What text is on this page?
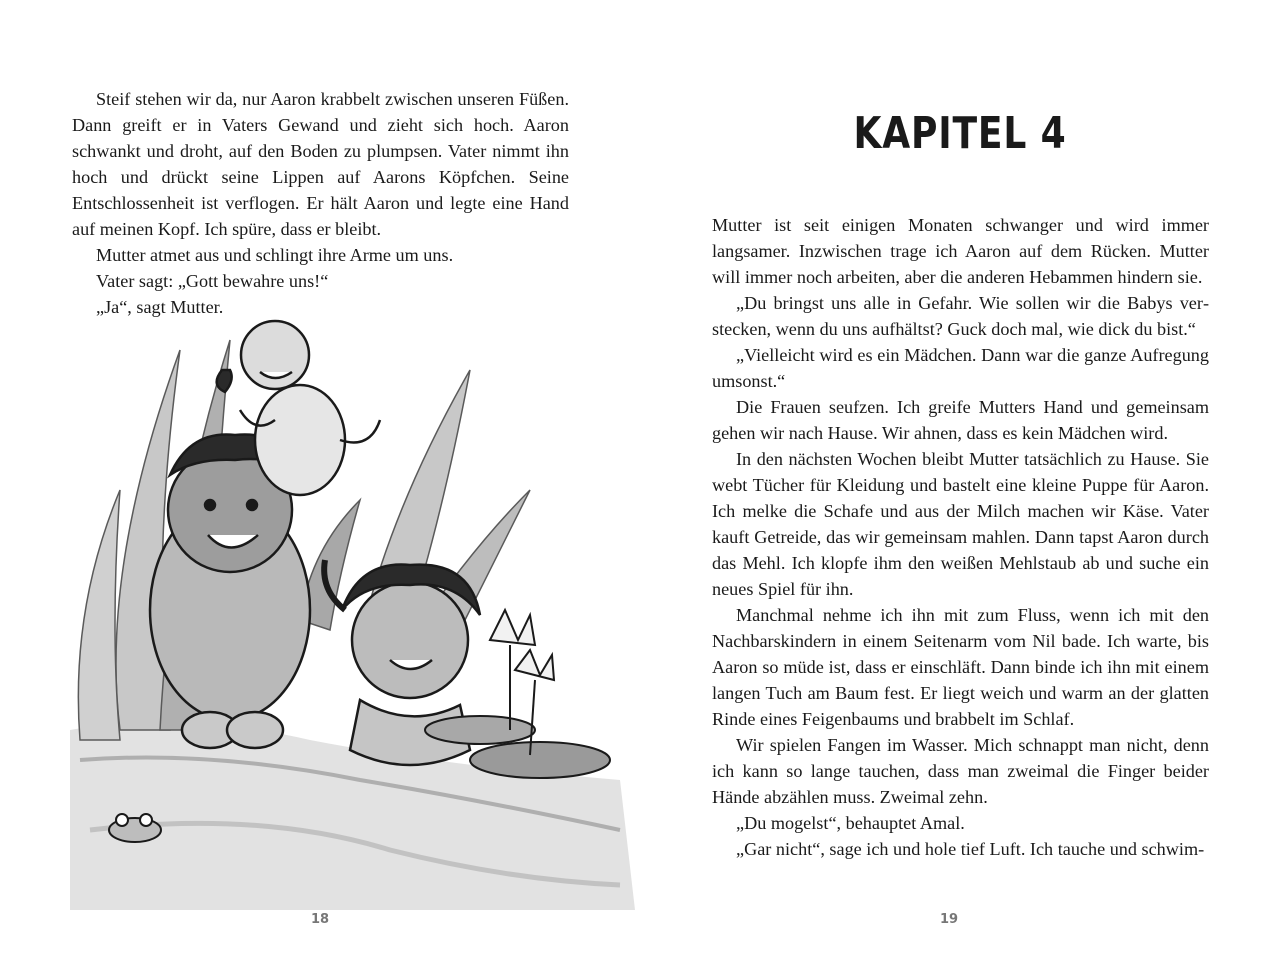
Steif stehen wir da, nur Aaron krabbelt zwischen unseren Füßen. Dann greift er in Vaters Gewand und zieht sich hoch. Aaron schwankt und droht, auf den Boden zu plumpsen. Vater nimmt ihn hoch und drückt seine Lippen auf Aarons Köpfchen. Seine Entschlossenheit ist verflogen. Er hält Aaron und legte eine Hand auf meinen Kopf. Ich spüre, dass er bleibt.

Mutter atmet aus und schlingt ihre Arme um uns.

Vater sagt: „Gott bewahre uns!“

„Ja“, sagt Mutter.

18
KAPITEL 4

Mutter ist seit einigen Monaten schwanger und wird immer langsamer. Inzwischen trage ich Aaron auf dem Rücken. Mutter will immer noch arbeiten, aber die anderen Hebammen hindern sie.

„Du bringst uns alle in Gefahr. Wie sollen wir die Babys verstecken, wenn du uns aufhältst? Guck doch mal, wie dick du bist.“

„Vielleicht wird es ein Mädchen. Dann war die ganze Aufregung umsonst.“

Die Frauen seufzen. Ich greife Mutters Hand und gemeinsam gehen wir nach Hause. Wir ahnen, dass es kein Mädchen wird.

In den nächsten Wochen bleibt Mutter tatsächlich zu Hause. Sie webt Tücher für Kleidung und bastelt eine kleine Puppe für Aaron. Ich melke die Schafe und aus der Milch machen wir Käse. Vater kauft Getreide, das wir gemeinsam mahlen. Dann tapst Aaron durch das Mehl. Ich klopfe ihm den weißen Mehlstaub ab und suche ein neues Spiel für ihn.

Manchmal nehme ich ihn mit zum Fluss, wenn ich mit den Nachbarskindern in einem Seitenarm vom Nil bade. Ich warte, bis Aaron so müde ist, dass er einschläft. Dann binde ich ihn mit einem langen Tuch am Baum fest. Er liegt weich und warm an der glatten Rinde eines Feigenbaums und brabbelt im Schlaf.

Wir spielen Fangen im Wasser. Mich schnappt man nicht, denn ich kann so lange tauchen, dass man zweimal die Finger beider Hände abzählen muss. Zweimal zehn.

„Du mogelst“, behauptet Amal.

„Gar nicht“, sage ich und hole tief Luft. Ich tauche und schwim-

19
